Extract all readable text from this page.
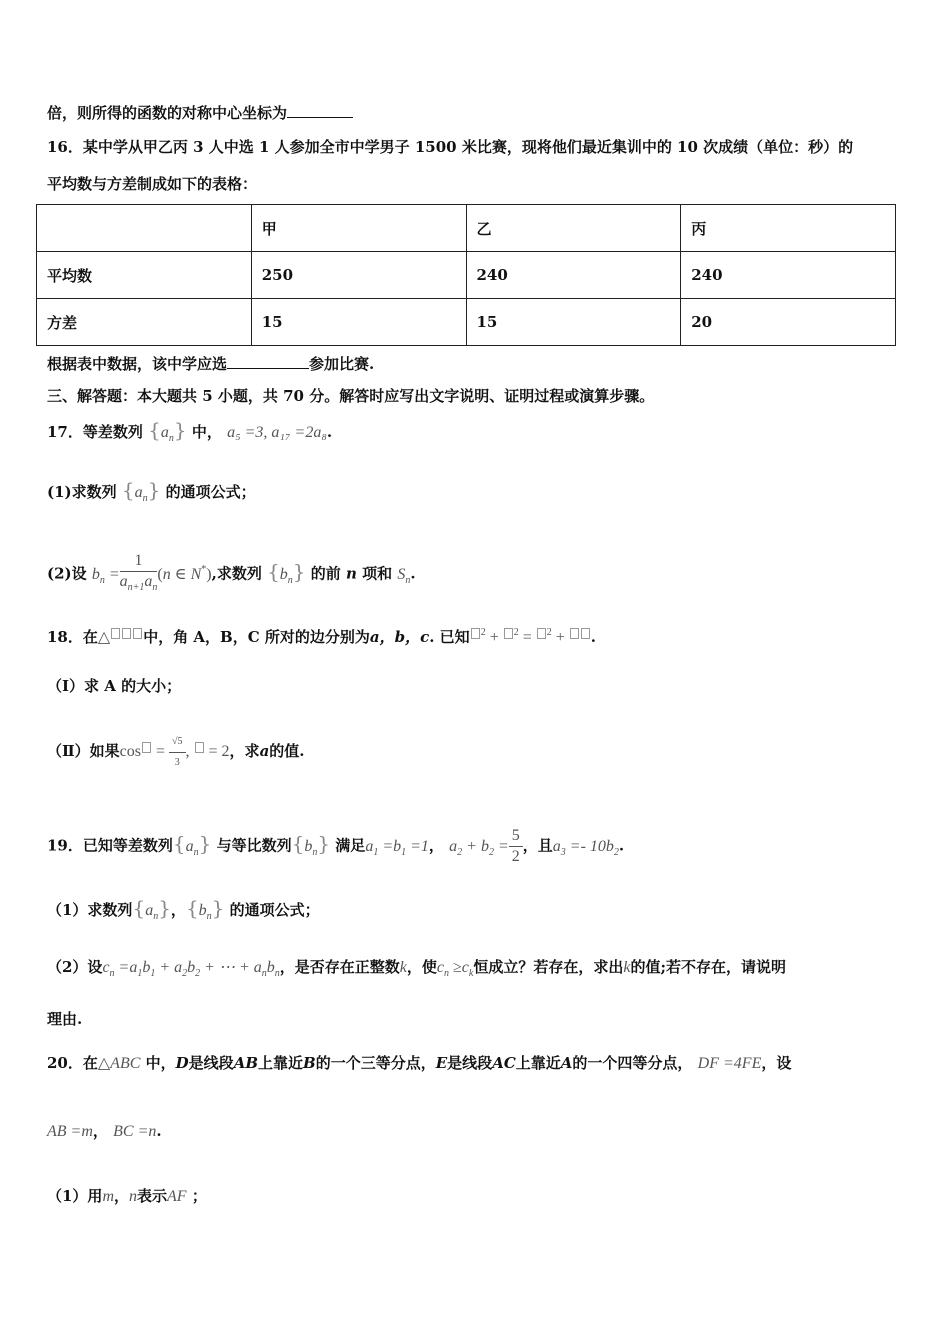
倍，则所得的函数的对称中心坐标为
16．某中学从甲乙丙 3 人中选 1 人参加全市中学男子 1500 米比赛，现将他们最近集训中的 10 次成绩（单位：秒）的
平均数与方差制成如下的表格：
	甲	乙	丙
平均数	250	240	240
方差	15	15	20
根据表中数据，该中学应选	参加比赛.
三、解答题：本大题共 5 小题，共 70 分。解答时应写出文字说明、证明过程或演算步骤。
17．等差数列 $\{a_n\}$ 中， a₅ =3, a₁₇ =2a₈.
(1)求数列 $\{a_n\}$ 的通项公式；
(2)设 $b_n = \frac{1}{a_{n+1}a_n} (n$ ∈ N*),求数列 $\{b_n\}$ 的前 n 项和 $S_n$.
18．在△ 中，角 A，B，C 所对的边分别为a，b，c. 已知 $^2$ + $^2$ = $^2$ + .
（Ⅰ）求 A 的大小；
（Ⅱ）如果$\cos = \frac{√5}{3}$ ,  = 2，求a的值.
19．已知等差数列$\{a_n\}$ 与等比数列$\{b_n\}$ 满足$a_1 =b_1 =1$， $a_2 + b_2 = \frac{5}{2}$ ，且$a_3 =- 10b_2$.
（1）求数列$\{a_n\}$，$\{b_n\}$ 的通项公式；
（2）设$c_n =a_1b_1 + a_2b_2$ + ⋯ + $a_nb_n$，是否存在正整数k，使$c_n \ge c_k$恒成立？若存在，求出k的值;若不存在，请说明
理由.
20．在△ABC 中，D是线段AB上靠近B的一个三等分点，E是线段AC上靠近A的一个四等分点， DF =4FE，设
AB =m， BC =n.
（1）用m，n表示AF ；
